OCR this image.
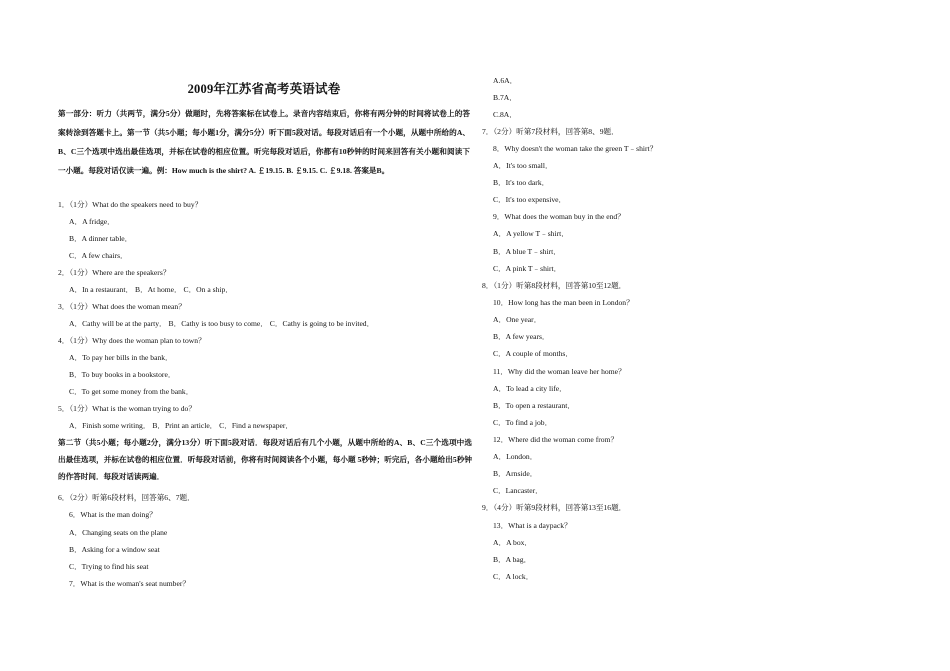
2009年江苏省高考英语试卷
第一部分：听力（共两节，满分5分）做题时，先将答案标在试卷上。录音内容结束后，你将有两分钟的时间将试卷上的答案转涂到答题卡上。第一节（共5小题；每小题1分，满分5分）听下面5段对话。每段对话后有一个小题，从题中所给的A、B、C三个选项中选出最佳选项，并标在试卷的相应位置。听完每段对话后，你都有10秒钟的时间来回答有关小题和阅读下一小题。每段对话仅读一遍。例：How much is the shirt? A. ￡19.15. B. ￡9.15. C. ￡9.18. 答案是B。
1．（1分）What do the speakers need to buy？
A．A fridge．
B．A dinner table．
C．A few chairs．
2．（1分）Where are the speakers？
A．In a restaurant． B．At home． C．On a ship．
3．（1分）What does the woman mean？
A．Cathy will be at the party． B．Cathy is too busy to come． C．Cathy is going to be invited．
4．（1分）Why does the woman plan to town？
A．To pay her bills in the bank．
B．To buy books in a bookstore．
C．To get some money from the bank．
5．（1分）What is the woman trying to do？
A．Finish some writing． B．Print an article． C．Find a newspaper．
6．（2分）听第6段材料，回答第6、7题．
6．What is the man doing？
A．Changing seats on the plane
B．Asking for a window seat
C．Trying to find his seat
7．What is the woman's seat number？
第二节（共5小题；每小题2分，满分13分）听下面5段对话．每段对话后有几个小题，从题中所给的A、B、C三个选项中选出最佳选项，并标在试卷的相应位置．听每段对话前，你将有时间阅读各个小题，每小题 5秒钟；听完后，各小题给出5秒钟的作答时间．每段对话读两遍．
A.6A．
B.7A．
C.8A．
7．（2分）听第7段材料，回答第8、9题．
8．Why doesn't the woman take the green T﹣shirt？
A．It's too small．
B．It's too dark．
C．It's too expensive．
9．What does the woman buy in the end？
A．A yellow T﹣shirt．
B．A blue T﹣shirt．
C．A pink T﹣shirt．
8．（1分）听第8段材料，回答第10至12题．
10．How long has the man been in London？
A．One year．
B．A few years．
C．A couple of months．
11．Why did the woman leave her home？
A．To lead a city life．
B．To open a restaurant．
C．To find a job．
12．Where did the woman come from？
A．London．
B．Arnside．
C．Lancaster．
9．（4分）听第9段材料，回答第13至16题．
13．What is a daypack？
A．A box．
B．A bag．
C．A lock．
